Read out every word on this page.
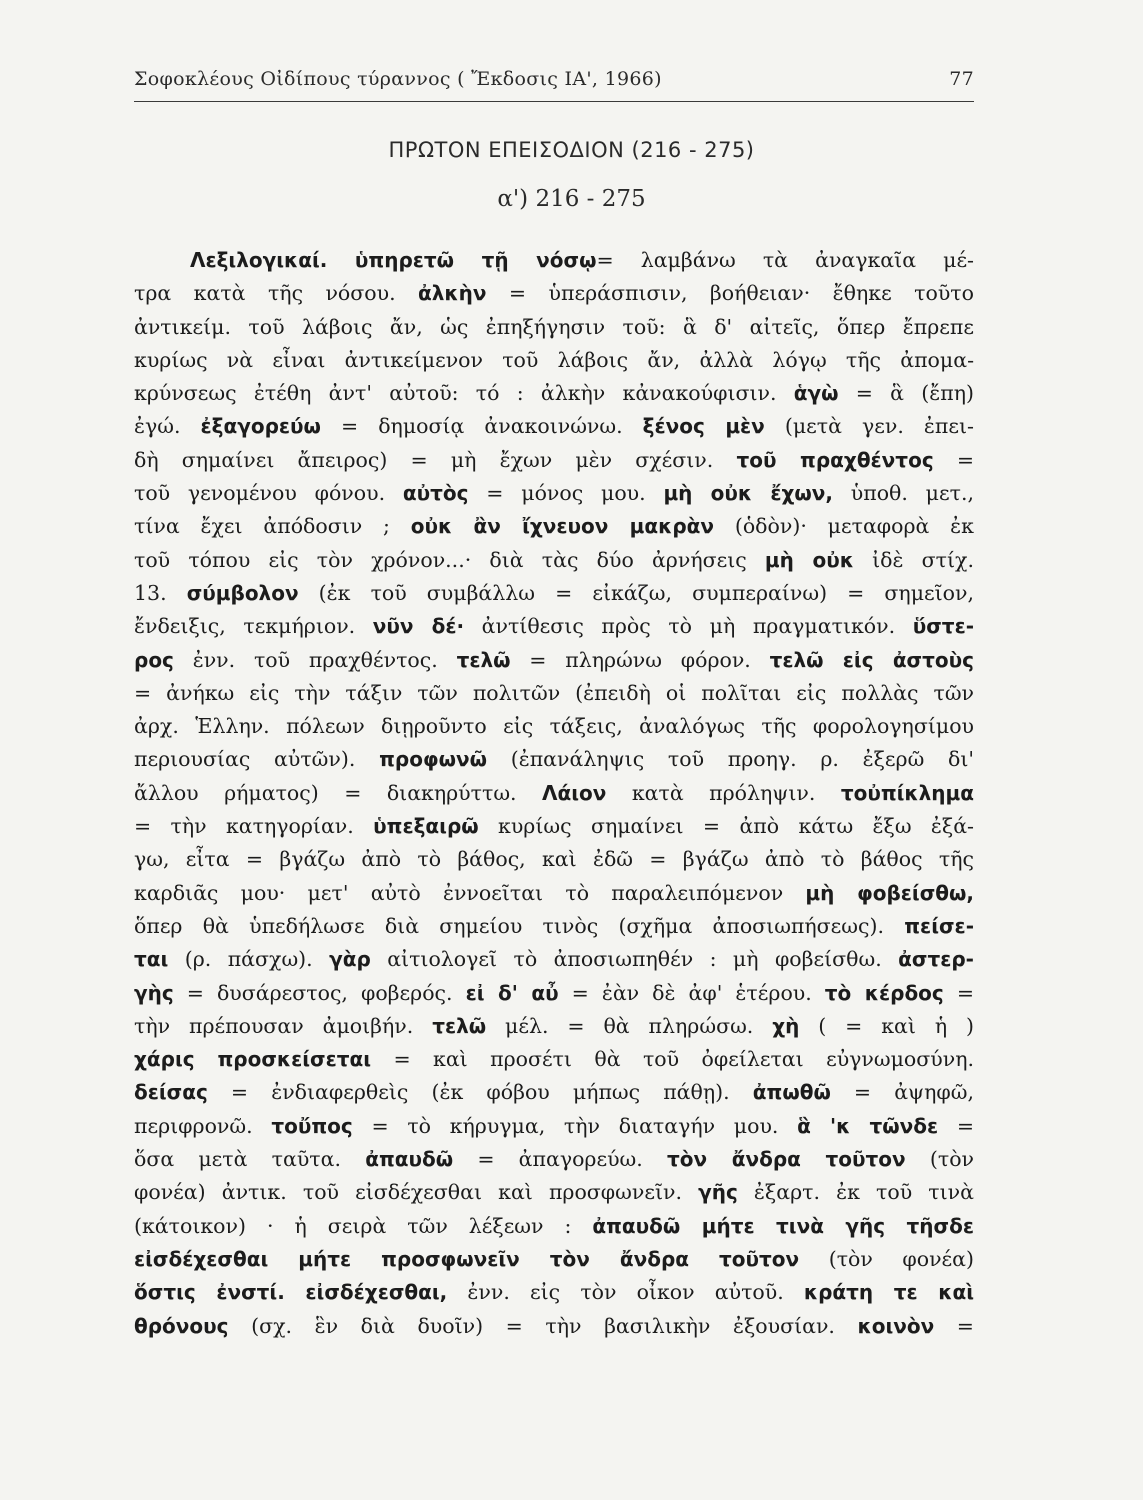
Σοφοκλέους Οἰδίπους τύραννος ( Ἔκδοσις ΙΑ', 1966)	77
ΠΡΩΤΟΝ ΕΠΕΙΣΟΔΙΟΝ (216 - 275)
α') 216 - 275
Λεξιλογικαί. ὑπηρετῶ τῇ νόσῳ= λαμβάνω τὰ ἀναγκαῖα μέ-
τρα κατὰ τῆς νόσου. ἀλκὴν = ὑπεράσπισιν, βοήθειαν· ἔθηκε τοῦτο
ἀντικείμ. τοῦ λάβοις ἄν, ὡς ἐπηξήγησιν τοῦ: ἃ δ' αἰτεῖς, ὅπερ ἔπρεπε
κυρίως νὰ εἶναι ἀντικείμενον τοῦ λάβοις ἄν, ἀλλὰ λόγῳ τῆς ἀπομα-
κρύνσεως ἐτέθη ἀντ' αὐτοῦ: τό : ἀλκὴν κἀνακούφισιν. ἁγὼ = ἃ (ἔπη)
ἐγώ. ἐξαγορεύω = δημοσίᾳ ἀνακοινώνω. ξένος μὲν (μετὰ γεν. ἐπει-
δὴ σημαίνει ἄπειρος) = μὴ ἔχων μὲν σχέσιν. τοῦ πραχθέντος =
τοῦ γενομένου φόνου. αὐτὸς = μόνος μου. μὴ οὐκ ἔχων, ὑποθ. μετ.,
τίνα ἔχει ἀπόδοσιν ; οὐκ ἂν ἴχνευον μακρὰν (ὁδὸν)· μεταφορὰ ἐκ
τοῦ τόπου εἰς τὸν χρόνον...· διὰ τὰς δύο ἀρνήσεις μὴ οὐκ ἰδὲ στίχ.
13. σύμβολον (ἐκ τοῦ συμβάλλω = εἰκάζω, συμπεραίνω) = σημεῖον,
ἔνδειξις, τεκμήριον. νῦν δέ· ἀντίθεσις πρὸς τὸ μὴ πραγματικόν. ὕστε-
ρος ἐνν. τοῦ πραχθέντος. τελῶ = πληρώνω φόρον. τελῶ εἰς ἀστοὺς
= ἀνήκω εἰς τὴν τάξιν τῶν πολιτῶν (ἐπειδὴ οἱ πολῖται εἰς πολλὰς τῶν
ἀρχ. Ἑλλην. πόλεων διῃροῦντο εἰς τάξεις, ἀναλόγως τῆς φορολογησίμου
περιουσίας αὐτῶν). προφωνῶ (ἐπανάληψις τοῦ προηγ. ρ. ἐξερῶ δι'
ἄλλου ρήματος) = διακηρύττω. Λάιον κατὰ πρόληψιν. τοὐπίκλημα
= τὴν κατηγορίαν. ὑπεξαιρῶ κυρίως σημαίνει = ἀπὸ κάτω ἔξω ἐξά-
γω, εἶτα = βγάζω ἀπὸ τὸ βάθος, καὶ ἐδῶ = βγάζω ἀπὸ τὸ βάθος τῆς
καρδιᾶς μου· μετ' αὐτὸ ἐννοεῖται τὸ παραλειπόμενον μὴ φοβείσθω,
ὅπερ θὰ ὑπεδήλωσε διὰ σημείου τινὸς (σχῆμα ἀποσιωπήσεως). πείσε-
ται (ρ. πάσχω). γὰρ αἰτιολογεῖ τὸ ἀποσιωπηθέν : μὴ φοβείσθω. ἀστερ-
γὴς = δυσάρεστος, φοβερός. εἰ δ' αὖ = ἐὰν δὲ ἀφ' ἑτέρου. τὸ κέρδος =
τὴν πρέπουσαν ἀμοιβήν. τελῶ μέλ. = θὰ πληρώσω. χὴ ( = καὶ ἡ )
χάρις προσκείσεται = καὶ προσέτι θὰ τοῦ ὀφείλεται εὐγνωμοσύνη.
δείσας = ἐνδιαφερθεὶς (ἐκ φόβου μήπως πάθῃ). ἀπωθῶ = ἀψηφῶ,
περιφρονῶ. τοὔπος = τὸ κήρυγμα, τὴν διαταγήν μου. ἃ 'κ τῶνδε =
ὅσα μετὰ ταῦτα. ἀπαυδῶ = ἀπαγορεύω. τὸν ἄνδρα τοῦτον (τὸν
φονέα) ἀντικ. τοῦ εἰσδέχεσθαι καὶ προσφωνεῖν. γῆς ἐξαρτ. ἐκ τοῦ τινὰ
(κάτοικον) · ἡ σειρὰ τῶν λέξεων : ἀπαυδῶ μήτε τινὰ γῆς τῆσδε
εἰσδέχεσθαι μήτε προσφωνεῖν τὸν ἄνδρα τοῦτον (τὸν φονέα)
ὅστις ἐνστί. εἰσδέχεσθαι, ἐνν. εἰς τὸν οἶκον αὐτοῦ. κράτη τε καὶ
θρόνους (σχ. ἓν διὰ δυοῖν) = τὴν βασιλικὴν ἐξουσίαν. κοινὸν =
